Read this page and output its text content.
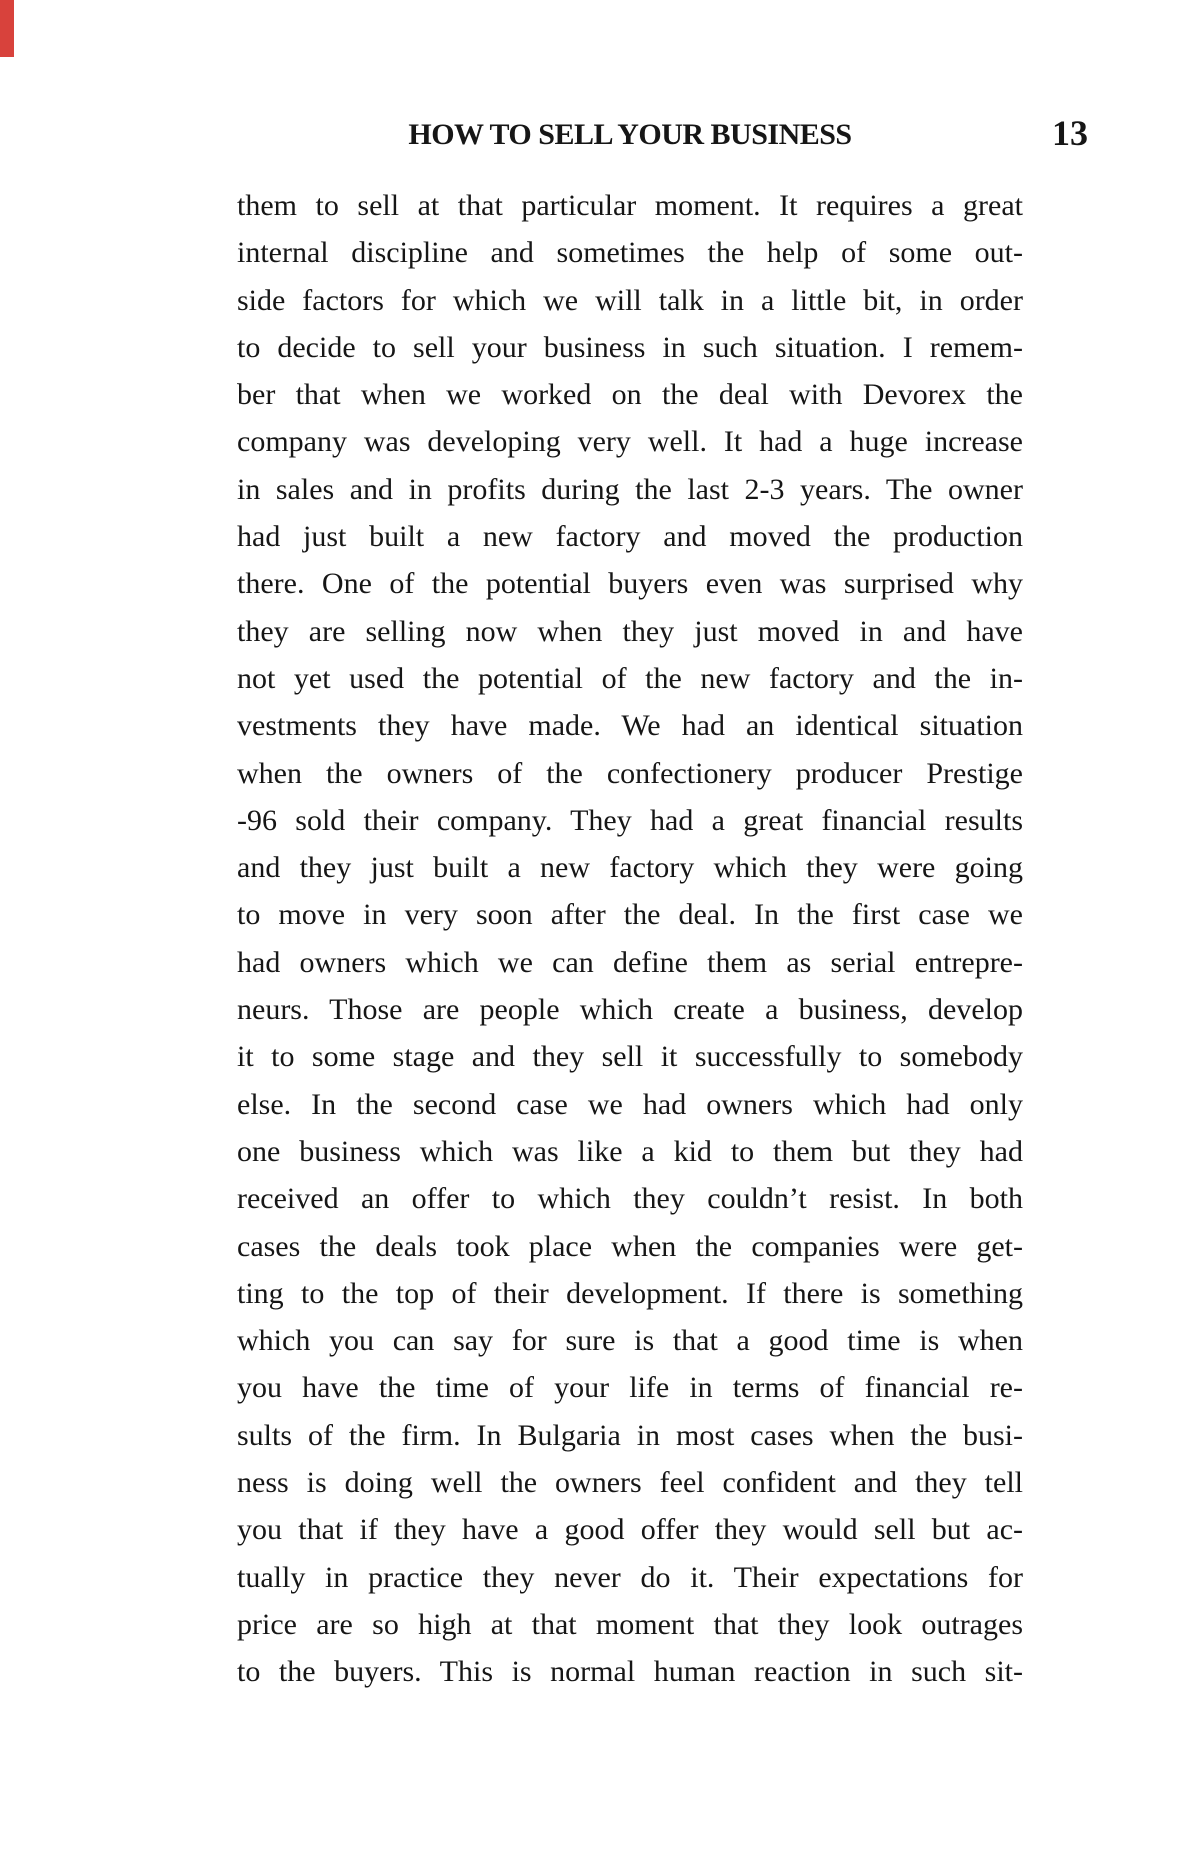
HOW TO SELL YOUR BUSINESS	13
them to sell at that particular moment. It requires a great
internal discipline and sometimes the help of some out-
side factors for which we will talk in a little bit, in order
to decide to sell your business in such situation. I remem-
ber that when we worked on the deal with Devorex the
company was developing very well. It had a huge increase
in sales and in profits during the last 2-3 years. The owner
had just built a new factory and moved the production
there. One of the potential buyers even was surprised why
they are selling now when they just moved in and have
not yet used the potential of the new factory and the in-
vestments they have made. We had an identical situation
when the owners of the confectionery producer Prestige
-96 sold their company. They had a great financial results
and they just built a new factory which they were going
to move in very soon after the deal. In the first case we
had owners which we can define them as serial entrepre-
neurs. Those are people which create a business, develop
it to some stage and they sell it successfully to somebody
else. In the second case we had owners which had only
one business which was like a kid to them but they had
received an offer to which they couldn’t resist. In both
cases the deals took place when the companies were get-
ting to the top of their development. If there is something
which you can say for sure is that a good time is when
you have the time of your life in terms of financial re-
sults of the firm. In Bulgaria in most cases when the busi-
ness is doing well the owners feel confident and they tell
you that if they have a good offer they would sell but ac-
tually in practice they never do it. Their expectations for
price are so high at that moment that they look outrages
to the buyers. This is normal human reaction in such sit-
